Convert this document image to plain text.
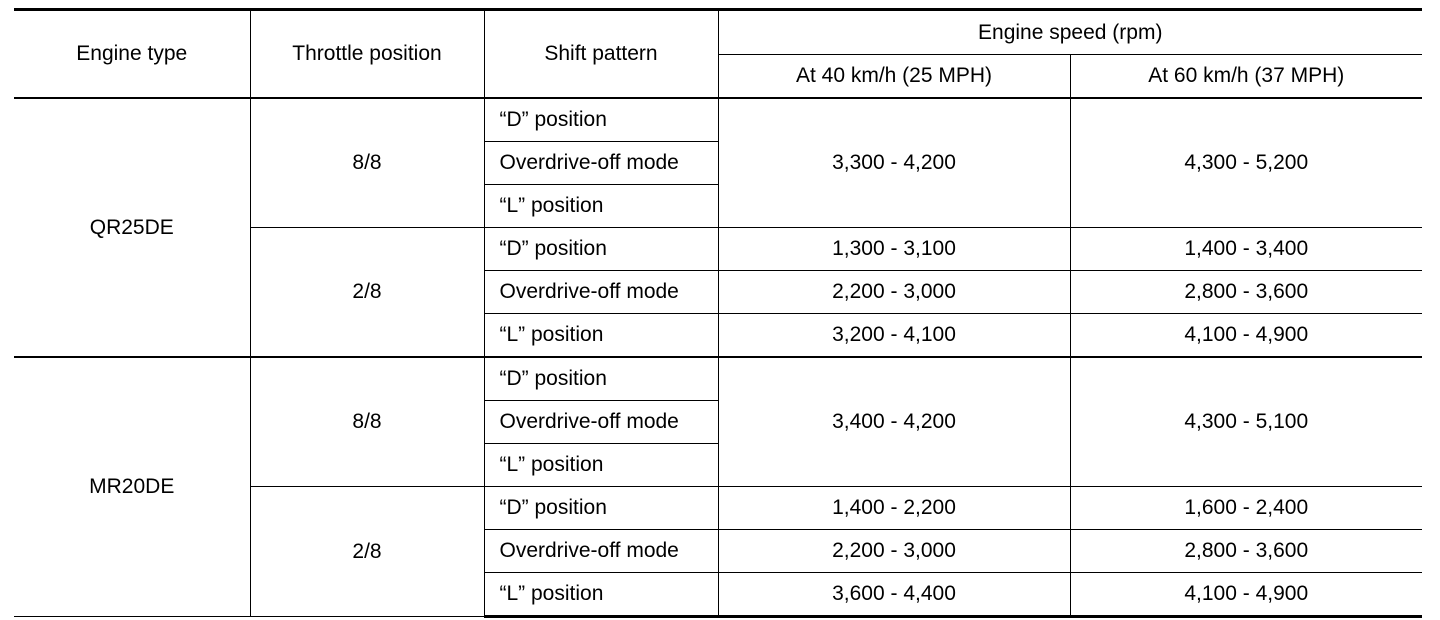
Engine type	Throttle position	Shift pattern	Engine speed (rpm)	
			At 40 km/h (25 MPH)	At 60 km/h (37 MPH)
QR25DE	8/8	“D” position	3,300 - 4,200	4,300 - 5,200
		Overdrive-off mode		
		“L” position		
	2/8	“D” position	1,300 - 3,100	1,400 - 3,400
		Overdrive-off mode	2,200 - 3,000	2,800 - 3,600
		“L” position	3,200 - 4,100	4,100 - 4,900
MR20DE	8/8	“D” position	3,400 - 4,200	4,300 - 5,100
		Overdrive-off mode		
		“L” position		
	2/8	“D” position	1,400 - 2,200	1,600 - 2,400
		Overdrive-off mode	2,200 - 3,000	2,800 - 3,600
		“L” position	3,600 - 4,400	4,100 - 4,900
